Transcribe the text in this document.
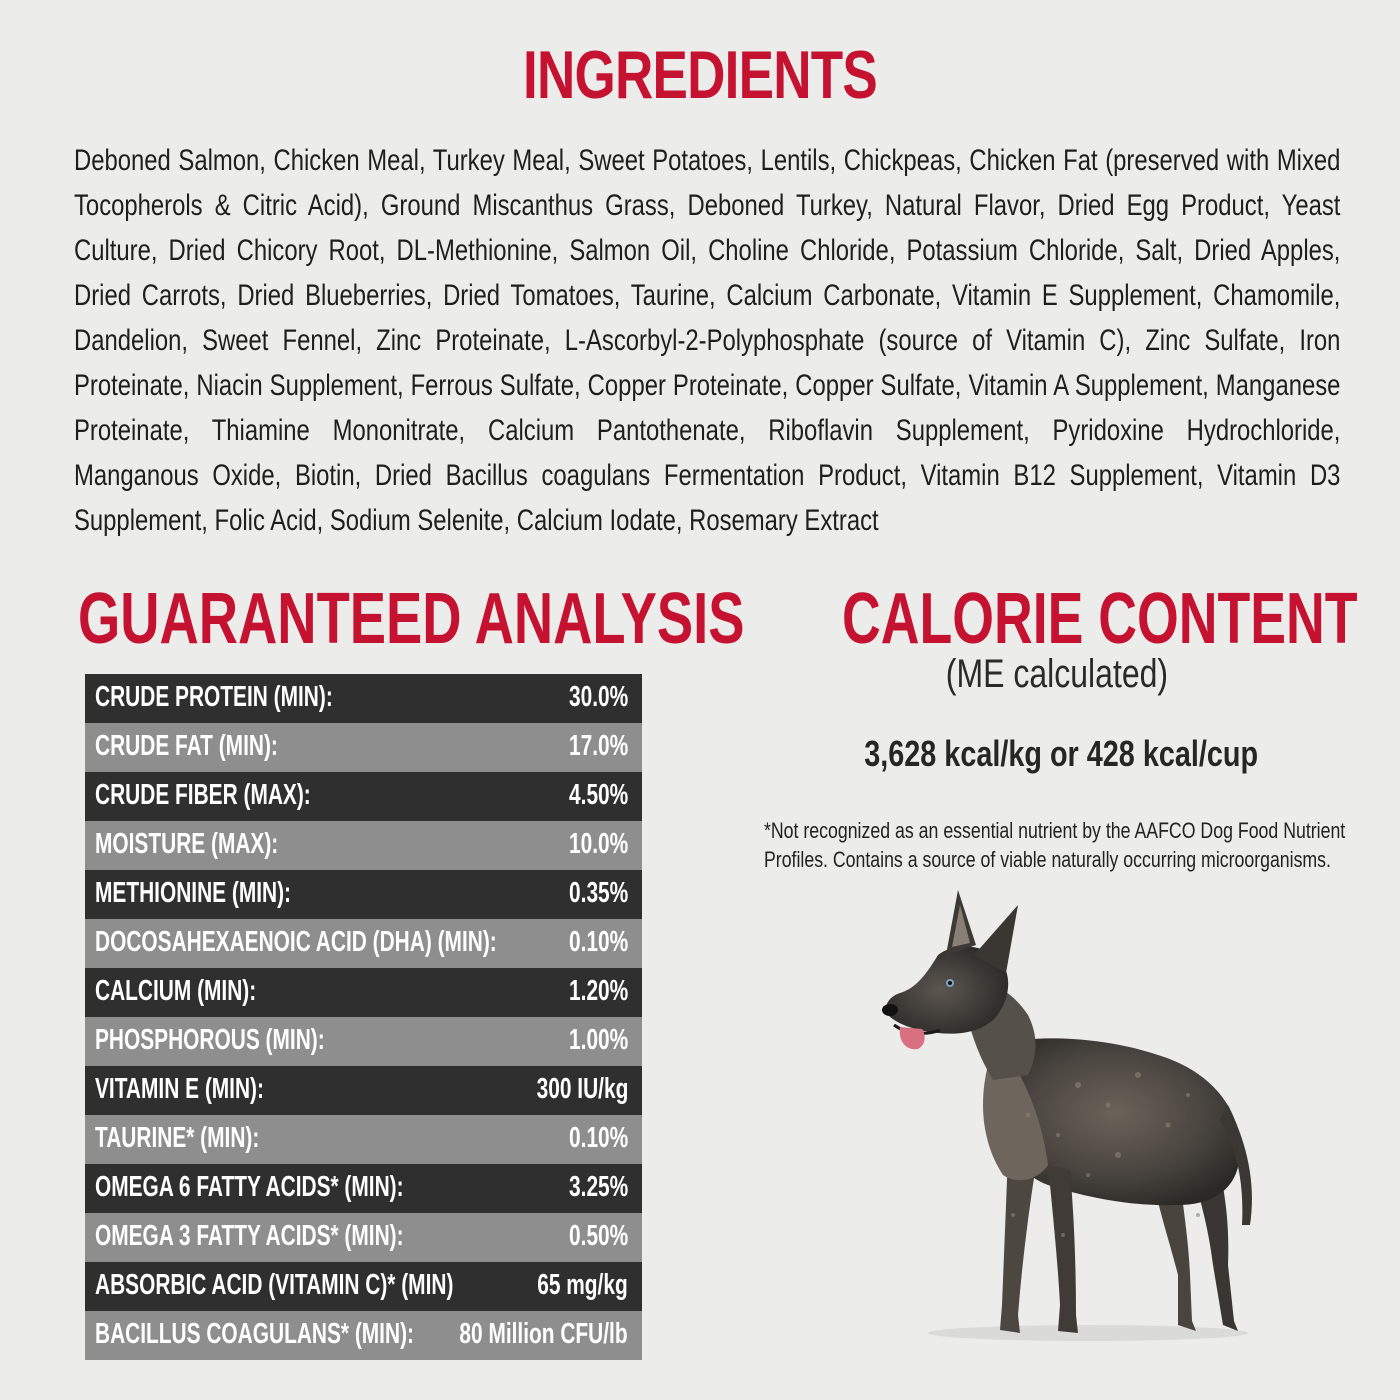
INGREDIENTS

Deboned Salmon, Chicken Meal, Turkey Meal, Sweet Potatoes, Lentils, Chickpeas, Chicken Fat (preserved with Mixed Tocopherols & Citric Acid), Ground Miscanthus Grass, Deboned Turkey, Natural Flavor, Dried Egg Product, Yeast Culture, Dried Chicory Root, DL-Methionine, Salmon Oil, Choline Chloride, Potassium Chloride, Salt, Dried Apples, Dried Carrots, Dried Blueberries, Dried Tomatoes, Taurine, Calcium Carbonate, Vitamin E Supplement, Chamomile, Dandelion, Sweet Fennel, Zinc Proteinate, L-Ascorbyl-2-Polyphosphate (source of Vitamin C), Zinc Sulfate, Iron Proteinate, Niacin Supplement, Ferrous Sulfate, Copper Proteinate, Copper Sulfate, Vitamin A Supplement, Manganese Proteinate, Thiamine Mononitrate, Calcium Pantothenate, Riboflavin Supplement, Pyridoxine Hydrochloride, Manganous Oxide, Biotin, Dried Bacillus coagulans Fermentation Product, Vitamin B12 Supplement, Vitamin D3 Supplement, Folic Acid, Sodium Selenite, Calcium Iodate, Rosemary Extract

GUARANTEED ANALYSIS
CRUDE PROTEIN (MIN):	30.0%
CRUDE FAT (MIN):	17.0%
CRUDE FIBER (MAX):	4.50%
MOISTURE (MAX):	10.0%
METHIONINE (MIN):	0.35%
DOCOSAHEXAENOIC ACID (DHA) (MIN): 0.10%
CALCIUM (MIN):	1.20%
PHOSPHOROUS (MIN):	1.00%
VITAMIN E (MIN):	300 IU/kg
TAURINE* (MIN):	0.10%
OMEGA 6 FATTY ACIDS* (MIN):	3.25%
OMEGA 3 FATTY ACIDS* (MIN):	0.50%
ABSORBIC ACID (VITAMIN C)* (MIN)	65 mg/kg
BACILLUS COAGULANS* (MIN): 80 Million CFU/lb
CALORIE CONTENT
(ME calculated)
3,628 kcal/kg or 428 kcal/cup

*Not recognized as an essential nutrient by the AAFCO Dog Food Nutrient Profiles. Contains a source of viable naturally occurring microorganisms.
